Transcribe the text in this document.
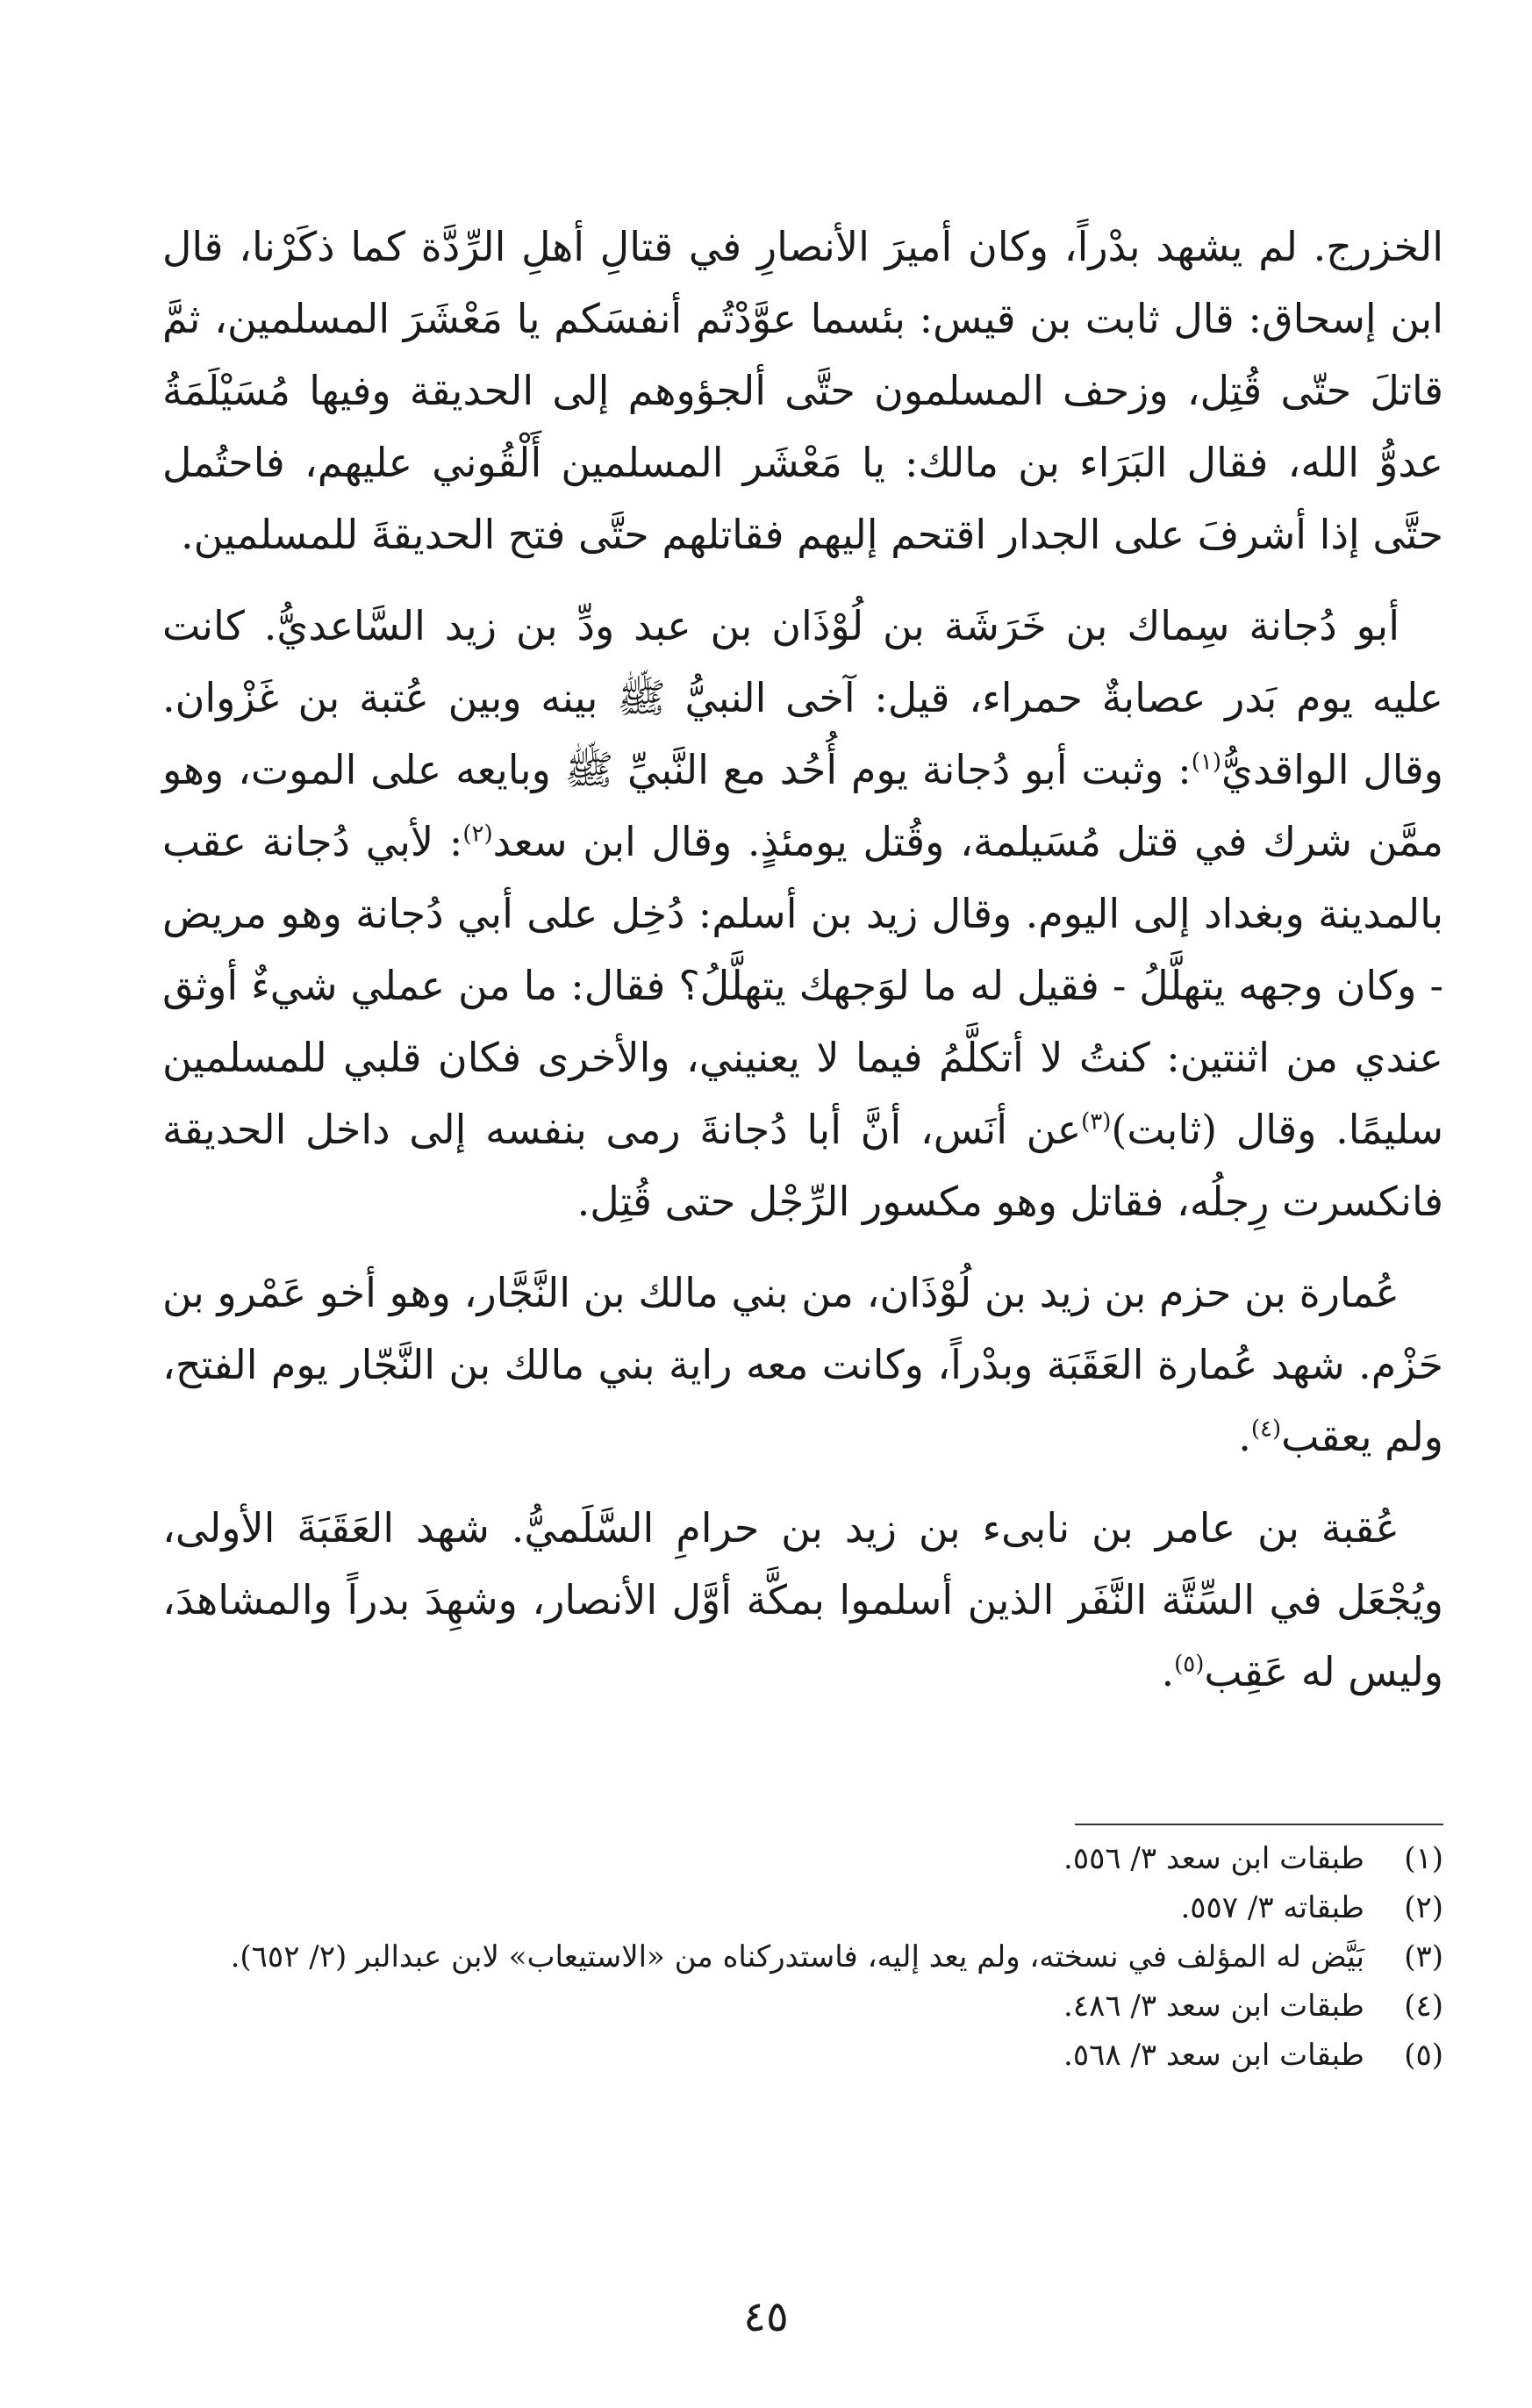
الخزرج. لم يشهد بدْراً، وكان أميرَ الأنصارِ في قتالِ أهلِ الرِّدَّة كما ذكَرْنا، قال ابن إسحاق: قال ثابت بن قيس: بئسما عوَّدْتُم أنفسَكم يا مَعْشَرَ المسلمين، ثمَّ قاتلَ حتّى قُتِل، وزحف المسلمون حتَّى ألجؤوهم إلى الحديقة وفيها مُسَيْلَمَةُ عدوُّ الله، فقال البَرَاء بن مالك: يا مَعْشَر المسلمين أَلْقُوني عليهم، فاحتُمل حتَّى إذا أشرفَ على الجدار اقتحم إليهم فقاتلهم حتَّى فتح الحديقةَ للمسلمين.

أبو دُجانة سِماك بن خَرَشَة بن لُوْذَان بن عبد ودِّ بن زيد السَّاعديُّ. كانت عليه يوم بَدر عصابةٌ حمراء، قيل: آخى النبيُّ ﷺ بينه وبين عُتبة بن غَزْوان. وقال الواقديُّ$^{(١)}$: وثبت أبو دُجانة يوم أُحُد مع النَّبيِّ ﷺ وبايعه على الموت، وهو ممَّن شرك في قتل مُسَيلمة، وقُتل يومئذٍ. وقال ابن سعد$^{(٢)}$: لأبي دُجانة عقب بالمدينة وبغداد إلى اليوم. وقال زيد بن أسلم: دُخِل على أبي دُجانة وهو مريض - وكان وجهه يتهلَّلُ - فقيل له ما لوَجهك يتهلَّلُ؟ فقال: ما من عملي شيءٌ أوثق عندي من اثنتين: كنتُ لا أتكلَّمُ فيما لا يعنيني، والأخرى فكان قلبي للمسلمين سليمًا. وقال (ثابت)$^{(٣)}$عن أنَس، أنَّ أبا دُجانةَ رمى بنفسه إلى داخل الحديقة فانكسرت رِجلُه، فقاتل وهو مكسور الرِّجْل حتى قُتِل.

عُمارة بن حزم بن زيد بن لُوْذَان، من بني مالك بن النَّجَّار، وهو أخو عَمْرو بن حَزْم. شهد عُمارة العَقَبَة وبدْراً، وكانت معه راية بني مالك بن النَّجّار يوم الفتح، ولم يعقب$^{(٤)}$.

عُقبة بن عامر بن نابىء بن زيد بن حرامِ السَّلَميُّ. شهد العَقَبَةَ الأولى، ويُجْعَل في السِّتَّة النَّفَر الذين أسلموا بمكَّة أوَّل الأنصار، وشهِدَ بدراً والمشاهدَ، وليس له عَقِب$^{(٥)}$.

(١)
طبقات ابن سعد ٣/ ٥٥٦.
(٢)
طبقاته ٣/ ٥٥٧.
(٣)
بَيَّض له المؤلف في نسخته، ولم يعد إليه، فاستدركناه من «الاستيعاب» لابن عبدالبر (٢/ ٦٥٢).
(٤)
طبقات ابن سعد ٣/ ٤٨٦.
(٥)
طبقات ابن سعد ٣/ ٥٦٨.
٤٥
